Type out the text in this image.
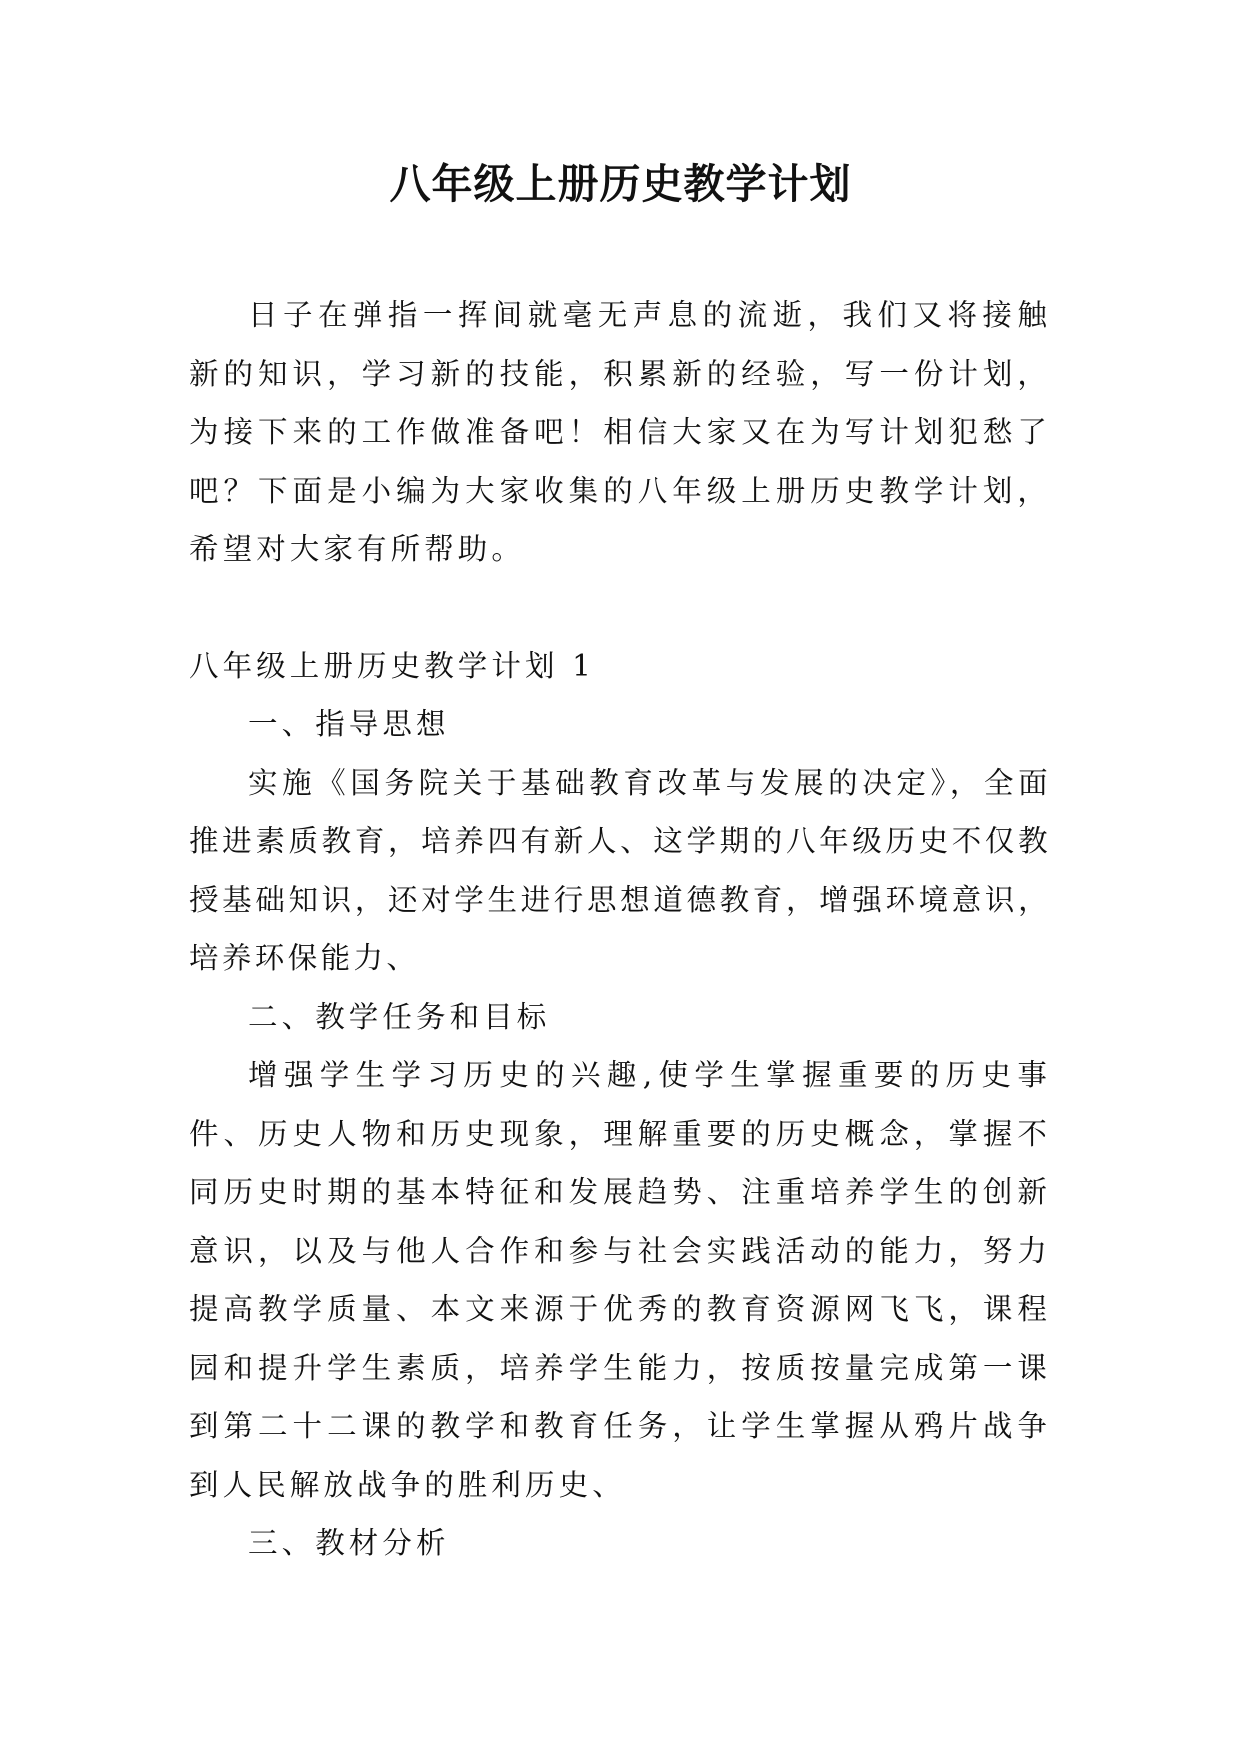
八年级上册历史教学计划

日子在弹指一挥间就毫无声息的流逝，我们又将接触新的知识，学习新的技能，积累新的经验，写一份计划，为接下来的工作做准备吧！相信大家又在为写计划犯愁了吧？下面是小编为大家收集的八年级上册历史教学计划，希望对大家有所帮助。

八年级上册历史教学计划 1

一、指导思想

实施《国务院关于基础教育改革与发展的决定》，全面推进素质教育，培养四有新人、这学期的八年级历史不仅教授基础知识，还对学生进行思想道德教育，增强环境意识，培养环保能力、

二、教学任务和目标

增强学生学习历史的兴趣,使学生掌握重要的历史事件、历史人物和历史现象，理解重要的历史概念，掌握不同历史时期的基本特征和发展趋势、注重培养学生的创新意识，以及与他人合作和参与社会实践活动的能力，努力提高教学质量、本文来源于优秀的教育资源网飞飞，课程园和提升学生素质，培养学生能力，按质按量完成第一课到第二十二课的教学和教育任务，让学生掌握从鸦片战争到人民解放战争的胜利历史、

三、教材分析
